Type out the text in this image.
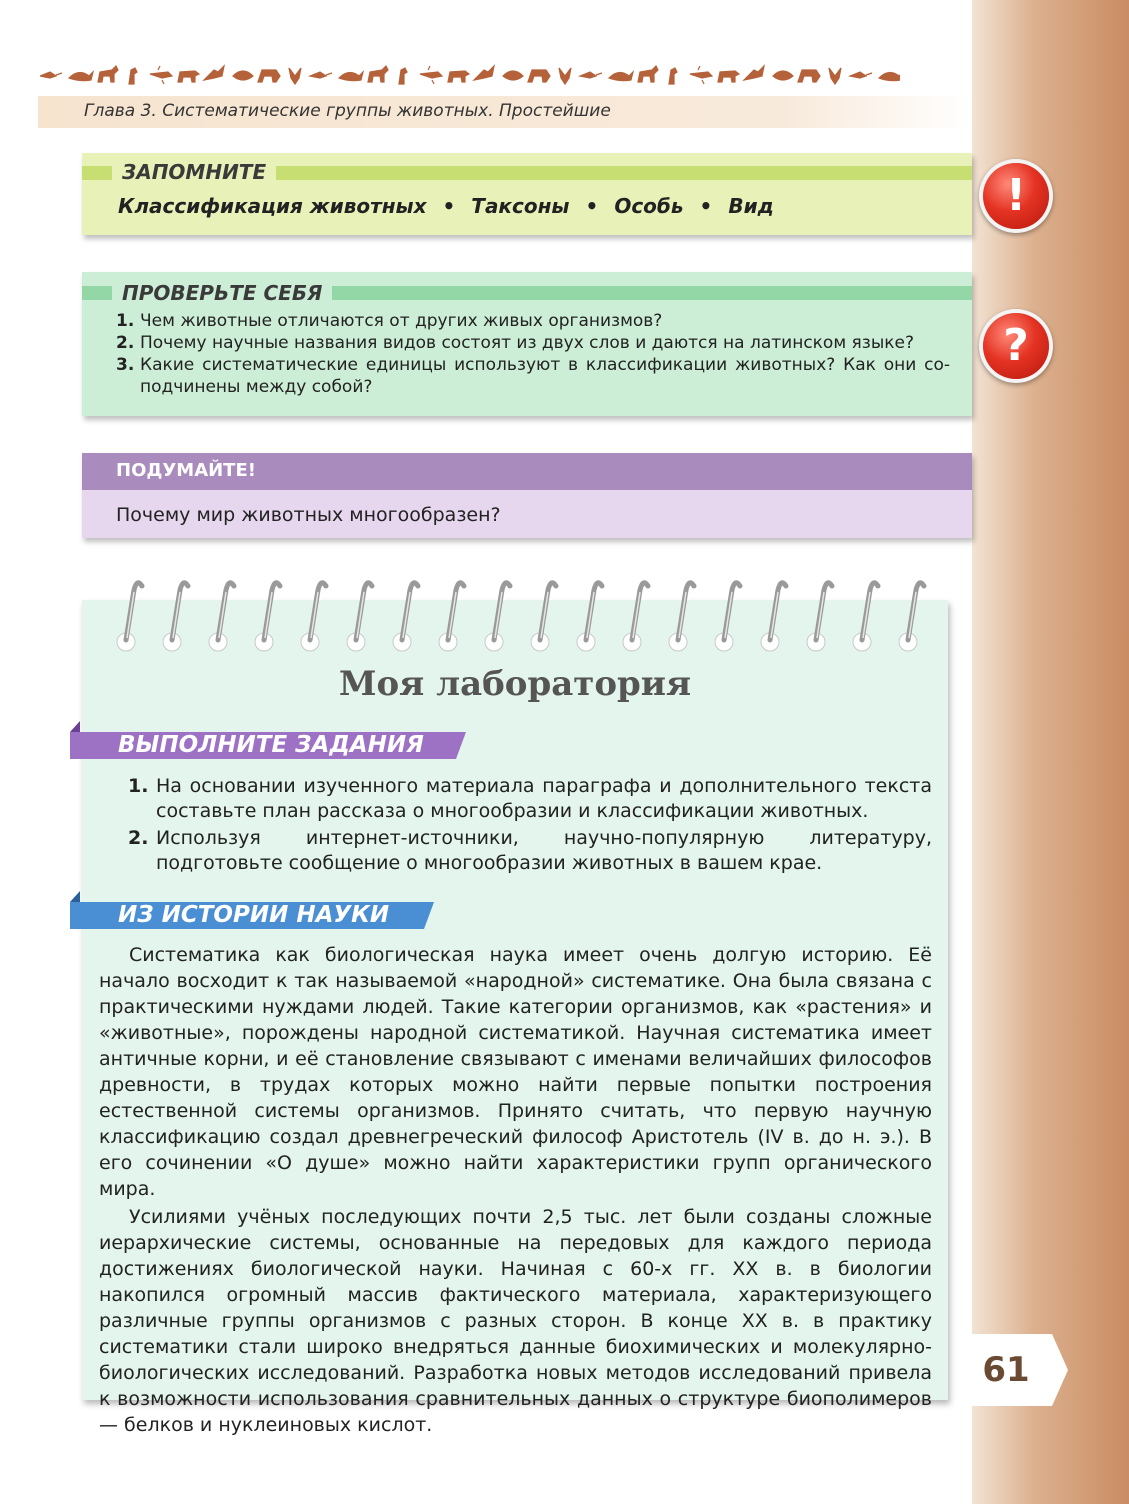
Глава 3. Систематические группы животных. Простейшие
ЗАПОМНИТЕ
Классификация животных • Таксоны • Особь • Вид	!
ПРОВЕРЬТЕ СЕБЯ
1. Чем животные отличаются от других живых организмов?
2. Почему научные названия видов состоят из двух слов и даются на латинском языке?
3. Какие систематические единицы используют в классификации животных? Как они соподчинены между собой?
?
ПОДУМАЙТЕ!
Почему мир животных многообразен?
Моя лаборатория
ВЫПОЛНИТЕ ЗАДАНИЯ
1. На основании изученного материала параграфа и дополнительного текста составьте план рассказа о многообразии и классификации животных.
2. Используя интернет-источники, научно-популярную литературу, подготовьте сообщение о многообразии животных в вашем крае.
ИЗ ИСТОРИИ НАУКИ

Систематика как биологическая наука имеет очень долгую историю. Её начало восходит к так называемой «народной» систематике. Она была связана с практическими нуждами людей. Такие категории организмов, как «растения» и «животные», порождены народной систематикой. Научная систематика имеет античные корни, и её становление связывают с именами величайших философов древности, в трудах которых можно найти первые попытки построения естественной системы организмов. Принято считать, что первую научную классификацию создал древнегреческий философ Аристотель (IV в. до н. э.). В его сочинении «О душе» можно найти характеристики групп органического мира.

Усилиями учёных последующих почти 2,5 тыс. лет были созданы сложные иерархические системы, основанные на передовых для каждого периода достижениях биологической науки. Начиная с 60-х гг. XX в. в биологии накопился огромный массив фактического материала, характеризующего различные группы организмов с разных сторон. В конце XX в. в практику систематики стали широко внедряться данные биохимических и молекулярно-биологических исследований. Разработка новых методов исследований привела к возможности использования сравнительных данных о структуре биополимеров — белков и нуклеиновых кислот.

61
